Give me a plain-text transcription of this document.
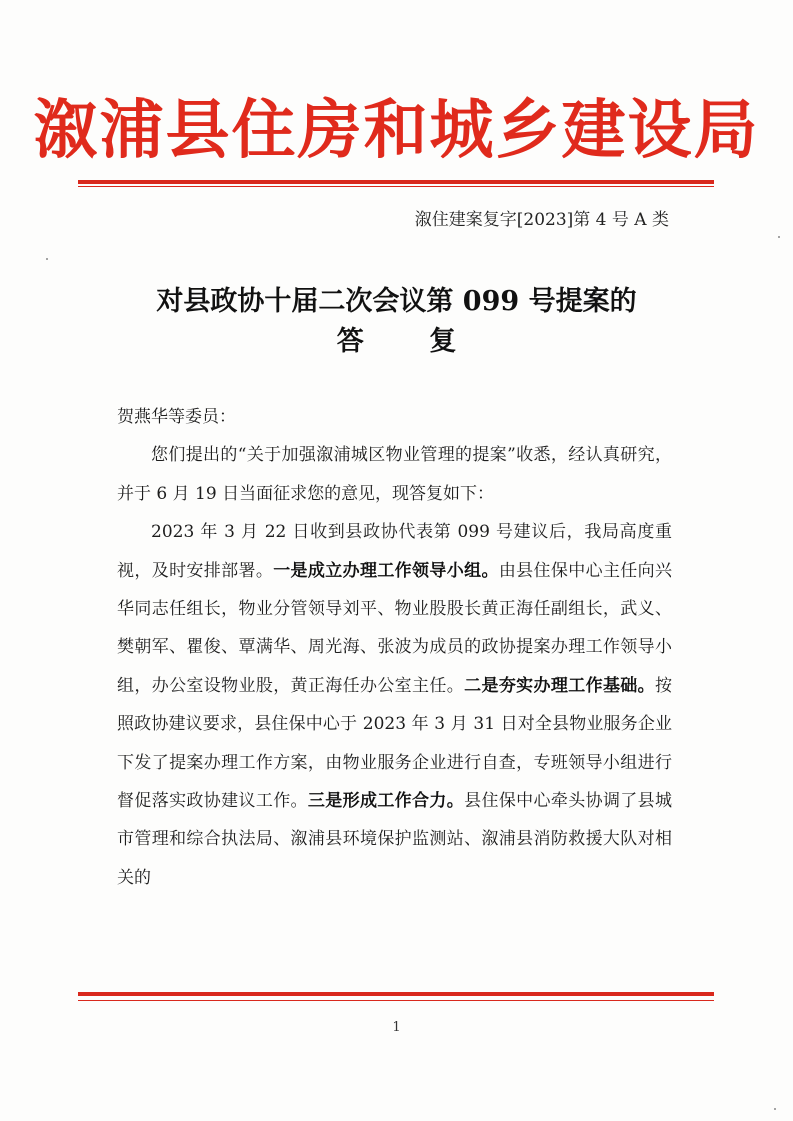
溆浦县住房和城乡建设局
溆住建案复字[2023]第 4 号 A 类
对县政协十届二次会议第 099 号提案的
答 复

贺燕华等委员：

您们提出的“关于加强溆浦城区物业管理的提案”收悉，经认真研究，并于 6 月 19 日当面征求您的意见，现答复如下：

2023 年 3 月 22 日收到县政协代表第 099 号建议后，我局高度重视，及时安排部署。一是成立办理工作领导小组。由县住保中心主任向兴华同志任组长，物业分管领导刘平、物业股股长黄正海任副组长，武义、樊朝军、瞿俊、覃满华、周光海、张波为成员的政协提案办理工作领导小组，办公室设物业股，黄正海任办公室主任。二是夯实办理工作基础。按照政协建议要求，县住保中心于 2023 年 3 月 31 日对全县物业服务企业下发了提案办理工作方案，由物业服务企业进行自查，专班领导小组进行督促落实政协建议工作。三是形成工作合力。县住保中心牵头协调了县城市管理和综合执法局、溆浦县环境保护监测站、溆浦县消防救援大队对相关的

1
